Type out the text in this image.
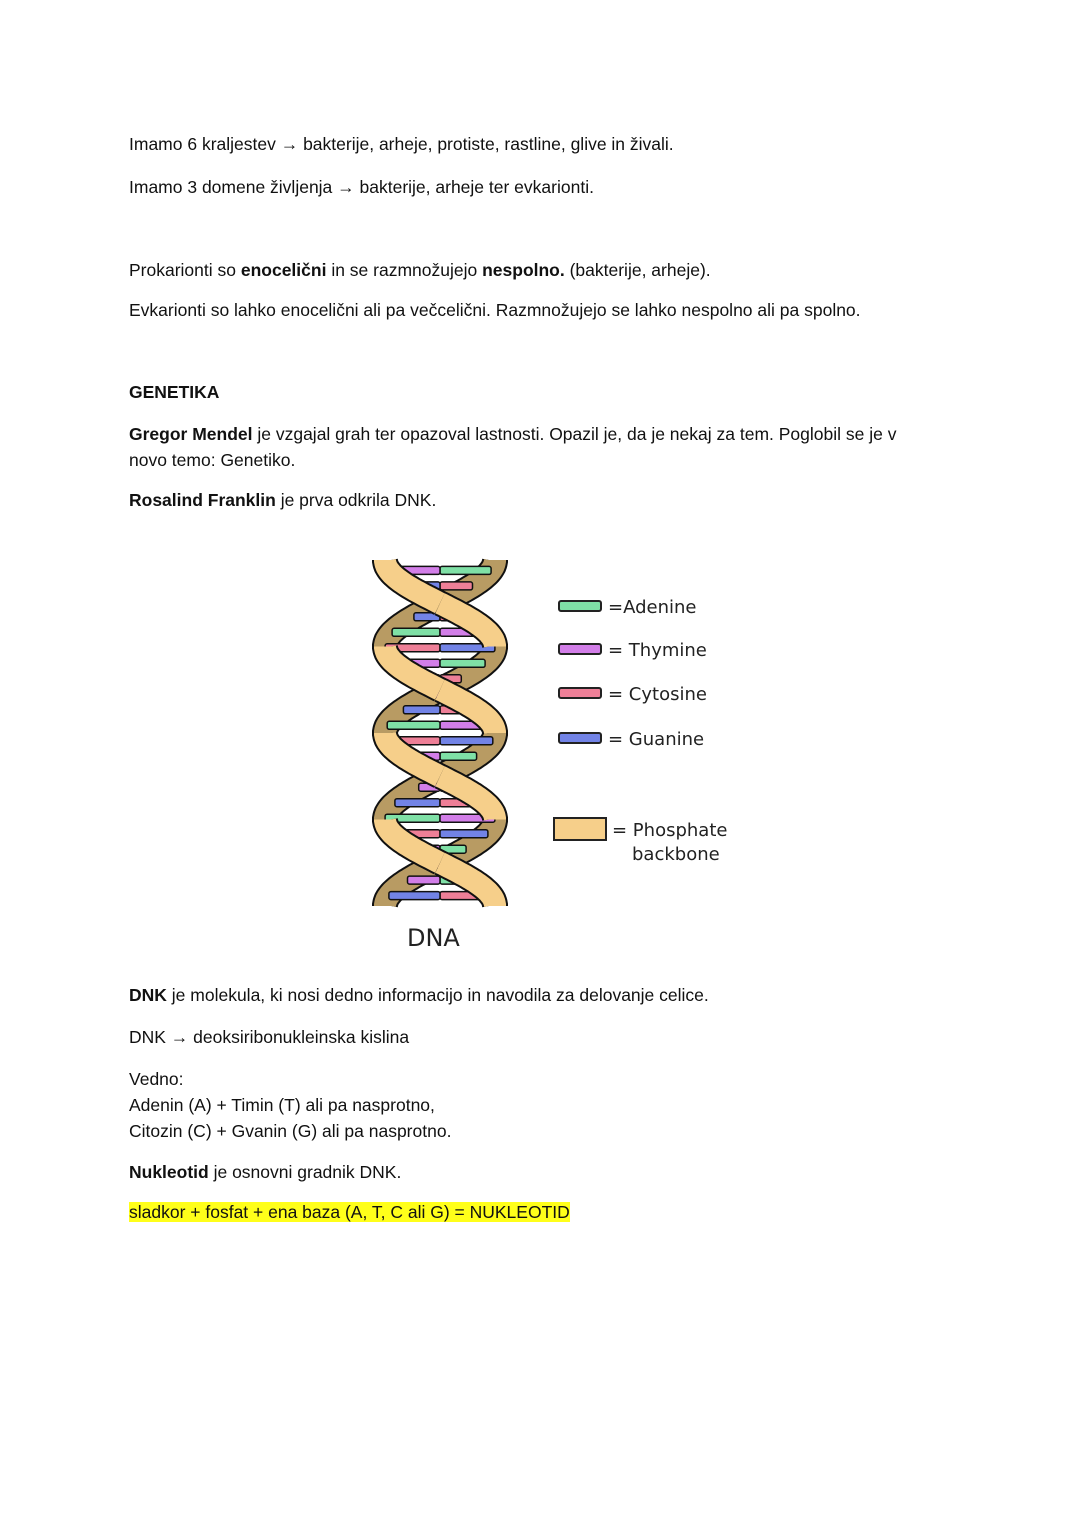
Imamo 6 kraljestev → bakterije, arheje, protiste, rastline, glive in živali.

Imamo 3 domene življenja → bakterije, arheje ter evkarionti.

Prokarionti so enocelični in se razmnožujejo nespolno. (bakterije, arheje).

Evkarionti so lahko enocelični ali pa večcelični. Razmnožujejo se lahko nespolno ali pa spolno.

GENETIKA

Gregor Mendel je vzgajal grah ter opazoval lastnosti. Opazil je, da je nekaj za tem. Poglobil se je v

novo temo: Genetiko.

Rosalind Franklin je prva odkrila DNK.

=Adenine
= Thymine
= Cytosine
= Guanine
= Phosphate
backbone
DNA

DNK je molekula, ki nosi dedno informacijo in navodila za delovanje celice.

DNK → deoksiribonukleinska kislina

Vedno:

Adenin (A) + Timin (T) ali pa nasprotno,

Citozin (C) + Gvanin (G) ali pa nasprotno.

Nukleotid je osnovni gradnik DNK.

sladkor + fosfat + ena baza (A, T, C ali G) = NUKLEOTID
